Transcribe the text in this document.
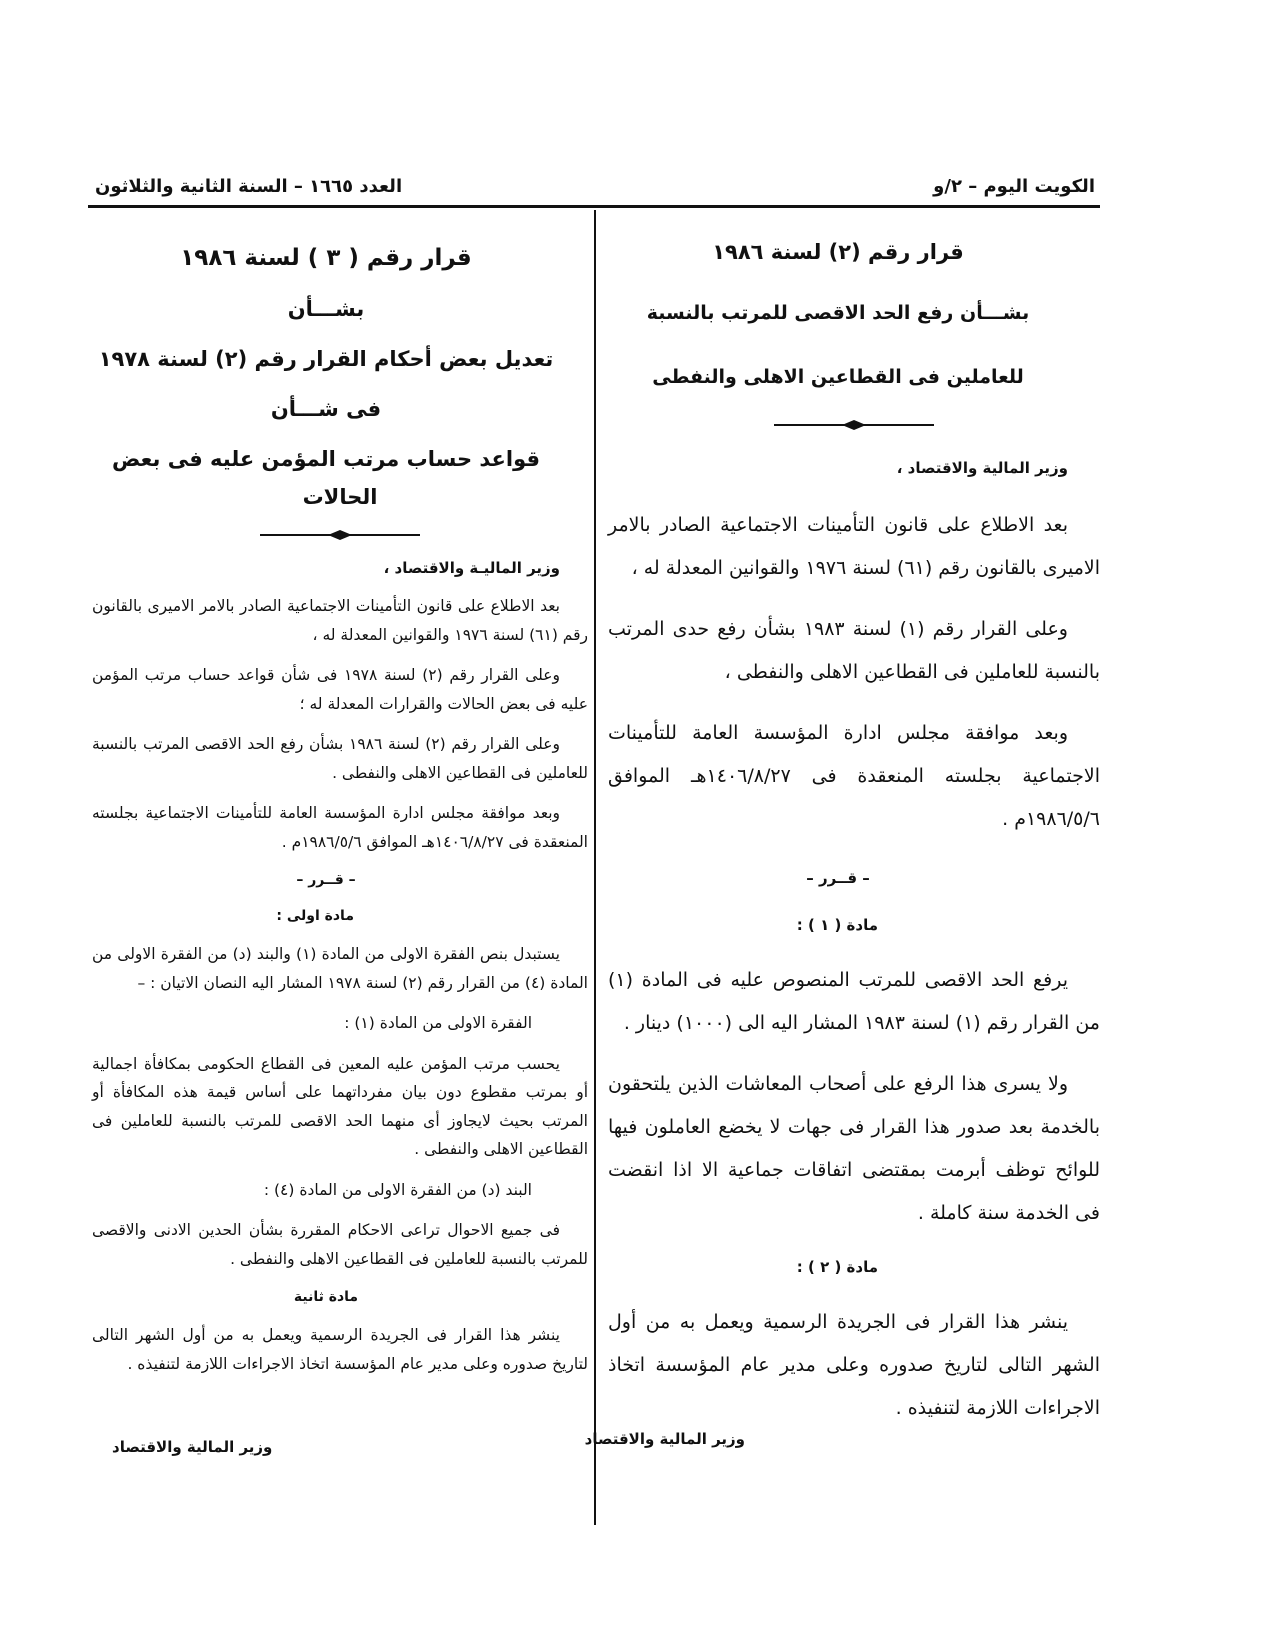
الكويت اليوم – ٢/و
العدد ١٦٦٥ – السنة الثانية والثلاثون

قرار رقم (٢) لسنة ١٩٨٦

بشـــأن رفع الحد الاقصى للمرتب بالنسبة

للعاملين فى القطاعين الاهلى والنفطى

وزير المالية والاقتصاد ،

بعد الاطلاع على قانون التأمينات الاجتماعية الصادر بالامر الاميرى بالقانون رقم (٦١) لسنة ١٩٧٦ والقوانين المعدلة له ،

وعلى القرار رقم (١) لسنة ١٩٨٣ بشأن رفع حدى المرتب بالنسبة للعاملين فى القطاعين الاهلى والنفطى ،

وبعد موافقة مجلس ادارة المؤسسة العامة للتأمينات الاجتماعية بجلسته المنعقدة فى ١٤٠٦/٨/٢٧هـ الموافق ١٩٨٦/٥/٦م .

– قــرر –

مادة ( ١ ) :

يرفع الحد الاقصى للمرتب المنصوص عليه فى المادة (١) من القرار رقم (١) لسنة ١٩٨٣ المشار اليه الى (١٠٠٠) دينار .

ولا يسرى هذا الرفع على أصحاب المعاشات الذين يلتحقون بالخدمة بعد صدور هذا القرار فى جهات لا يخضع العاملون فيها للوائح توظف أبرمت بمقتضى اتفاقات جماعية الا اذا انقضت فى الخدمة سنة كاملة .

مادة ( ٢ ) :

ينشر هذا القرار فى الجريدة الرسمية ويعمل به من أول الشهر التالى لتاريخ صدوره وعلى مدير عام المؤسسة اتخاذ الاجراءات اللازمة لتنفيذه .

وزير المالية والاقتصاد

قرار رقم ( ٣ ) لسنة ١٩٨٦

بشـــأن

تعديل بعض أحكام القرار رقم (٢) لسنة ١٩٧٨

فى شـــأن

قواعد حساب مرتب المؤمن عليه فى بعض الحالات

وزير الماليـة والاقتصاد ،

بعد الاطلاع على قانون التأمينات الاجتماعية الصادر بالامر الاميرى بالقانون رقم (٦١) لسنة ١٩٧٦ والقوانين المعدلة له ،

وعلى القرار رقم (٢) لسنة ١٩٧٨ فى شأن قواعد حساب مرتب المؤمن عليه فى بعض الحالات والقرارات المعدلة له ؛

وعلى القرار رقم (٢) لسنة ١٩٨٦ بشأن رفع الحد الاقصى المرتب بالنسبة للعاملين فى القطاعين الاهلى والنفطى .

وبعد موافقة مجلس ادارة المؤسسة العامة للتأمينات الاجتماعية بجلسته المنعقدة فى ١٤٠٦/٨/٢٧هـ الموافق ١٩٨٦/٥/٦م .

– قــرر –

مادة اولى :

يستبدل بنص الفقرة الاولى من المادة (١) والبند (د) من الفقرة الاولى من المادة (٤) من القرار رقم (٢) لسنة ١٩٧٨ المشار اليه النصان الاتيان : –

الفقرة الاولى من المادة (١) :

يحسب مرتب المؤمن عليه المعين فى القطاع الحكومى بمكافأة اجمالية أو بمرتب مقطوع دون بيان مفرداتهما على أساس قيمة هذه المكافأة أو المرتب بحيث لايجاوز أى منهما الحد الاقصى للمرتب بالنسبة للعاملين فى القطاعين الاهلى والنفطى .

البند (د) من الفقرة الاولى من المادة (٤) :

فى جميع الاحوال تراعى الاحكام المقررة بشأن الحدين الادنى والاقصى للمرتب بالنسبة للعاملين فى القطاعين الاهلى والنفطى .

مادة ثانية

ينشر هذا القرار فى الجريدة الرسمية ويعمل به من أول الشهر التالى لتاريخ صدوره وعلى مدير عام المؤسسة اتخاذ الاجراءات اللازمة لتنفيذه .

وزير المالية والاقتصاد
